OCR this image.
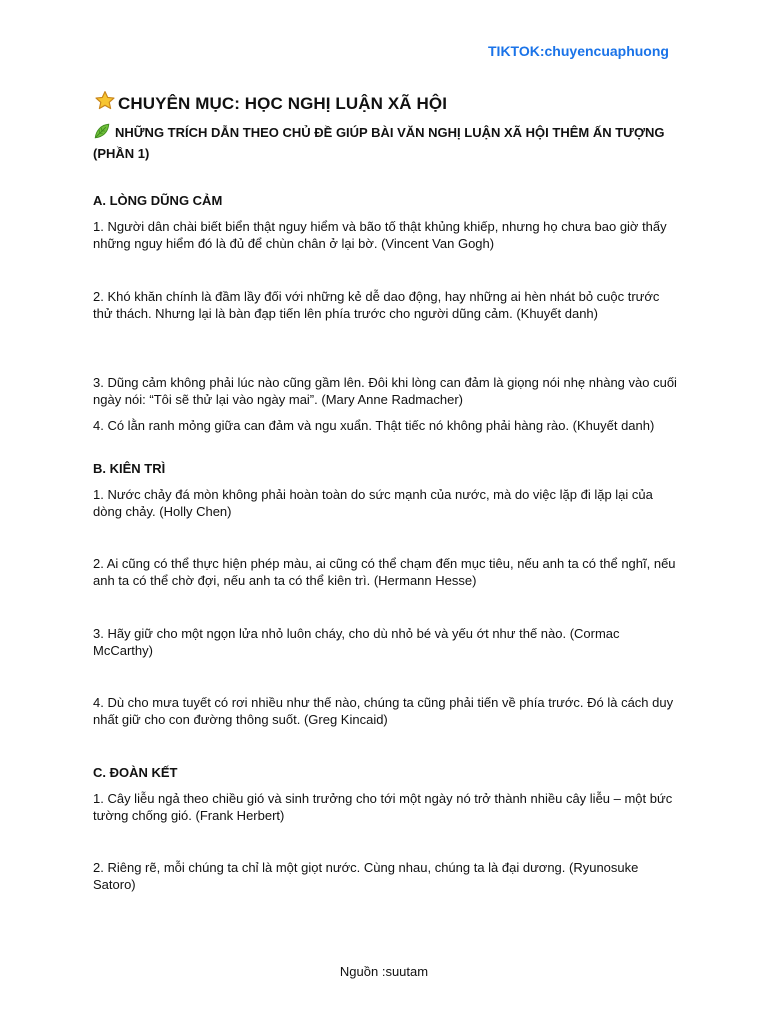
TIKTOK:chuyencuaphuong
CHUYÊN MỤC: HỌC NGHỊ LUẬN XÃ HỘI
NHỮNG TRÍCH DẪN THEO CHỦ ĐỀ GIÚP BÀI VĂN NGHỊ LUẬN XÃ HỘI THÊM ẤN TƯỢNG (PHẦN 1)
A. LÒNG DŨNG CẢM
1. Người dân chài biết biển thật nguy hiểm và bão tố thật khủng khiếp, nhưng họ chưa bao giờ thấy những nguy hiểm đó là đủ để chùn chân ở lại bờ. (Vincent Van Gogh)
2. Khó khăn chính là đầm lầy đối với những kẻ dễ dao động, hay những ai hèn nhát bỏ cuộc trước thử thách. Nhưng lại là bàn đạp tiến lên phía trước cho người dũng cảm. (Khuyết danh)
3. Dũng cảm không phải lúc nào cũng gầm lên. Đôi khi lòng can đảm là giọng nói nhẹ nhàng vào cuối ngày nói: “Tôi sẽ thử lại vào ngày mai”. (Mary Anne Radmacher)
4. Có lằn ranh mỏng giữa can đảm và ngu xuẩn. Thật tiếc nó không phải hàng rào. (Khuyết danh)
B. KIÊN TRÌ
1. Nước chảy đá mòn không phải hoàn toàn do sức mạnh của nước, mà do việc lặp đi lặp lại của dòng chảy. (Holly Chen)
2. Ai cũng có thể thực hiện phép màu, ai cũng có thể chạm đến mục tiêu, nếu anh ta có thể nghĩ, nếu anh ta có thể chờ đợi, nếu anh ta có thể kiên trì. (Hermann Hesse)
3. Hãy giữ cho một ngọn lửa nhỏ luôn cháy, cho dù nhỏ bé và yếu ớt như thế nào. (Cormac McCarthy)
4. Dù cho mưa tuyết có rơi nhiều như thế nào, chúng ta cũng phải tiến về phía trước. Đó là cách duy nhất giữ cho con đường thông suốt. (Greg Kincaid)
C. ĐOÀN KẾT
1. Cây liễu ngả theo chiều gió và sinh trưởng cho tới một ngày nó trở thành nhiều cây liễu – một bức tường chống gió. (Frank Herbert)
2. Riêng rẽ, mỗi chúng ta chỉ là một giọt nước. Cùng nhau, chúng ta là đại dương. (Ryunosuke Satoro)
Nguồn :suutam
